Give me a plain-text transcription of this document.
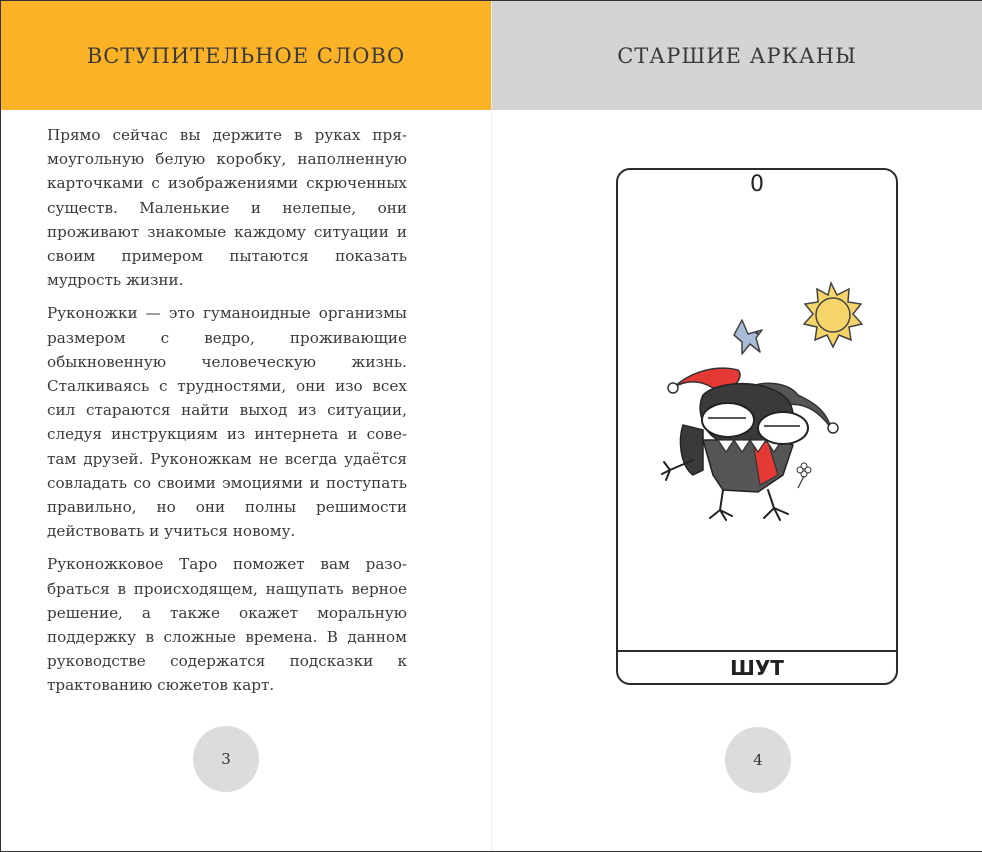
ВСТУПИТЕЛЬНОЕ СЛОВО

Прямо сейчас вы держите в руках прямоугольную белую коробку, наполненную карточками с изображениями скрюченных существ. Маленькие и нелепые, они проживают знакомые каждому ситуации и своим примером пытаются показать мудрость жизни.

Руконожки — это гуманоидные организмы размером с ведро, проживающие обыкновенную человеческую жизнь. Сталкиваясь с трудностями, они изо всех сил стараются найти выход из ситуации, следуя инструкциям из интернета и советам друзей. Руконожкам не всегда удаётся совладать со своими эмоциями и поступать правильно, но они полны решимости действовать и учиться новому.

Руконожковое Таро поможет вам разобраться в происходящем, нащупать верное решение, а также окажет моральную поддержку в сложные времена. В данном руководстве содержатся подсказки к трактованию сюжетов карт.

3
СТАРШИЕ АРКАНЫ
0
ШУТ
4
